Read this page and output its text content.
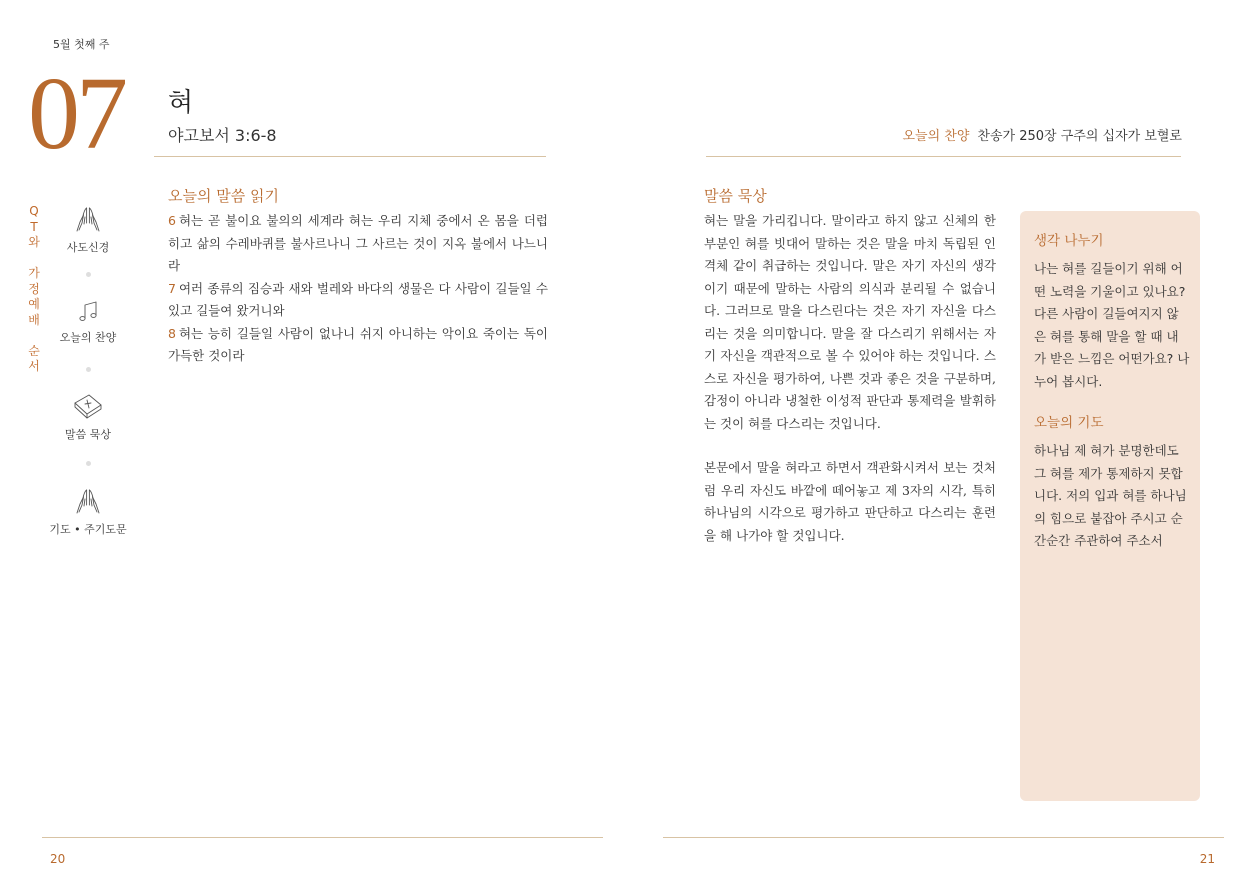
5월 첫째 주
07 혀
야고보서 3:6-8	오늘의 찬양 찬송가 250장 구주의 십자가 보혈로
Q
T
와
가
정
예
배
순
서
사도신경
오늘의 찬양
말씀 묵상
기도 • 주기도문
오늘의 말씀 읽기

6 혀는 곧 불이요 불의의 세계라 혀는 우리 지체 중에서 온 몸을 더럽히고 삶의 수레바퀴를 불사르나니 그 사르는 것이 지옥 불에서 나느니라

7 여러 종류의 짐승과 새와 벌레와 바다의 생물은 다 사람이 길들일 수 있고 길들여 왔거니와

8 혀는 능히 길들일 사람이 없나니 쉬지 아니하는 악이요 죽이는 독이 가득한 것이라

말씀 묵상

혀는 말을 가리킵니다. 말이라고 하지 않고 신체의 한 부분인 혀를 빗대어 말하는 것은 말을 마치 독립된 인격체 같이 취급하는 것입니다. 말은 자기 자신의 생각이기 때문에 말하는 사람의 의식과 분리될 수 없습니다. 그러므로 말을 다스린다는 것은 자기 자신을 다스리는 것을 의미합니다. 말을 잘 다스리기 위해서는 자기 자신을 객관적으로 볼 수 있어야 하는 것입니다. 스스로 자신을 평가하여, 나쁜 것과 좋은 것을 구분하며, 감정이 아니라 냉철한 이성적 판단과 통제력을 발휘하는 것이 혀를 다스리는 것입니다.

본문에서 말을 혀라고 하면서 객관화시켜서 보는 것처럼 우리 자신도 바깥에 떼어놓고 제 3자의 시각, 특히 하나님의 시각으로 평가하고 판단하고 다스리는 훈련을 해 나가야 할 것입니다.

생각 나누기
나는 혀를 길들이기 위해 어떤 노력을 기울이고 있나요? 다른 사람이 길들여지지 않은 혀를 통해 말을 할 때 내가 받은 느낌은 어떤가요? 나누어 봅시다.
오늘의 기도
하나님 제 혀가 분명한데도 그 혀를 제가 통제하지 못합니다. 저의 입과 혀를 하나님의 힘으로 붙잡아 주시고 순간순간 주관하여 주소서
20	21
